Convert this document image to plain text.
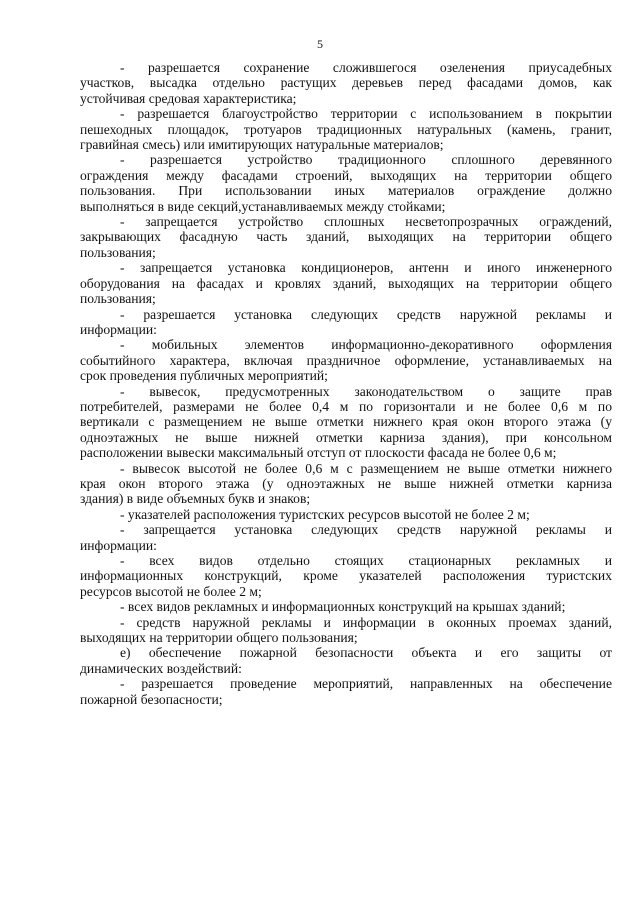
5
- разрешается сохранение сложившегося озеленения приусадебных
участков, высадка отдельно растущих деревьев перед фасадами домов, как
устойчивая средовая характеристика;
- разрешается благоустройство территории с использованием в покрытии
пешеходных площадок, тротуаров традиционных натуральных (камень, гранит,
гравийная смесь) или имитирующих натуральные материалов;
- разрешается устройство традиционного сплошного деревянного
ограждения между фасадами строений, выходящих на территории общего
пользования. При использовании иных материалов ограждение должно
выполняться в виде секций,устанавливаемых между стойками;
- запрещается устройство сплошных несветопрозрачных ограждений,
закрывающих фасадную часть зданий, выходящих на территории общего
пользования;
- запрещается установка кондиционеров, антенн и иного инженерного
оборудования на фасадах и кровлях зданий, выходящих на территории общего
пользования;
- разрешается установка следующих средств наружной рекламы и
информации:
- мобильных элементов информационно-декоративного оформления
событийного характера, включая праздничное оформление, устанавливаемых на
срок проведения публичных мероприятий;
- вывесок, предусмотренных законодательством о защите прав
потребителей, размерами не более 0,4 м по горизонтали и не более 0,6 м по
вертикали с размещением не выше отметки нижнего края окон второго этажа (у
одноэтажных не выше нижней отметки карниза здания), при консольном
расположении вывески максимальный отступ от плоскости фасада не более 0,6 м;
- вывесок высотой не более 0,6 м с размещением не выше отметки нижнего
края окон второго этажа (у одноэтажных не выше нижней отметки карниза
здания) в виде объемных букв и знаков;
- указателей расположения туристских ресурсов высотой не более 2 м;
- запрещается установка следующих средств наружной рекламы и
информации:
- всех видов отдельно стоящих стационарных рекламных и
информационных конструкций, кроме указателей расположения туристских
ресурсов высотой не более 2 м;
- всех видов рекламных и информационных конструкций на крышах зданий;
- средств наружной рекламы и информации в оконных проемах зданий,
выходящих на территории общего пользования;
е) обеспечение пожарной безопасности объекта и его защиты от
динамических воздействий:
- разрешается проведение мероприятий, направленных на обеспечение
пожарной безопасности;
